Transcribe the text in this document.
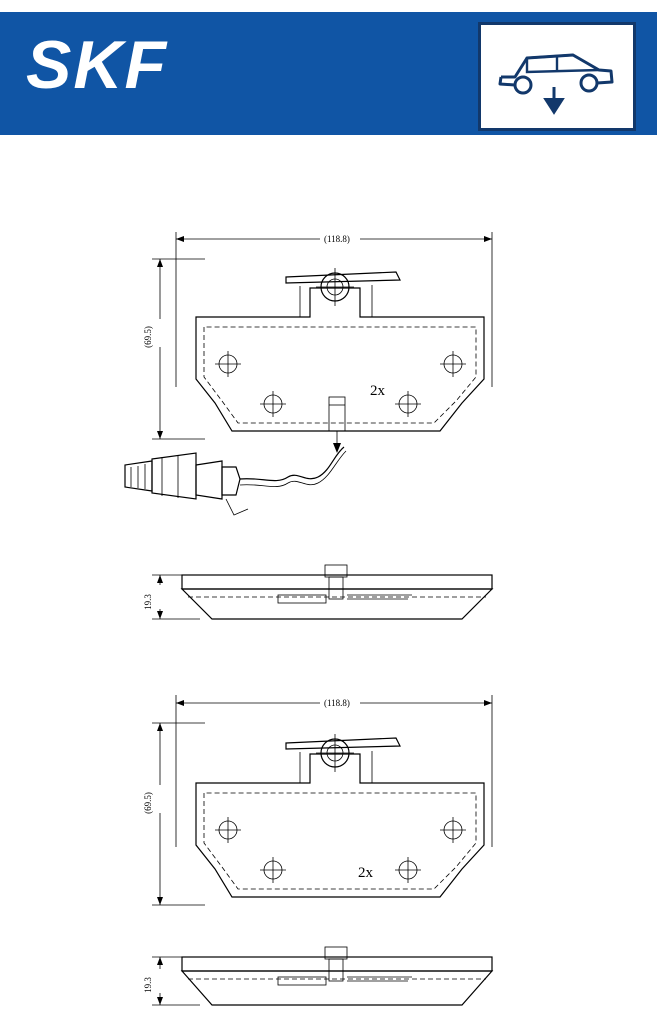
SKF
(118.8)
(69.5)
2x
19.3
(118.8)
(69.5)
2x
19.3
